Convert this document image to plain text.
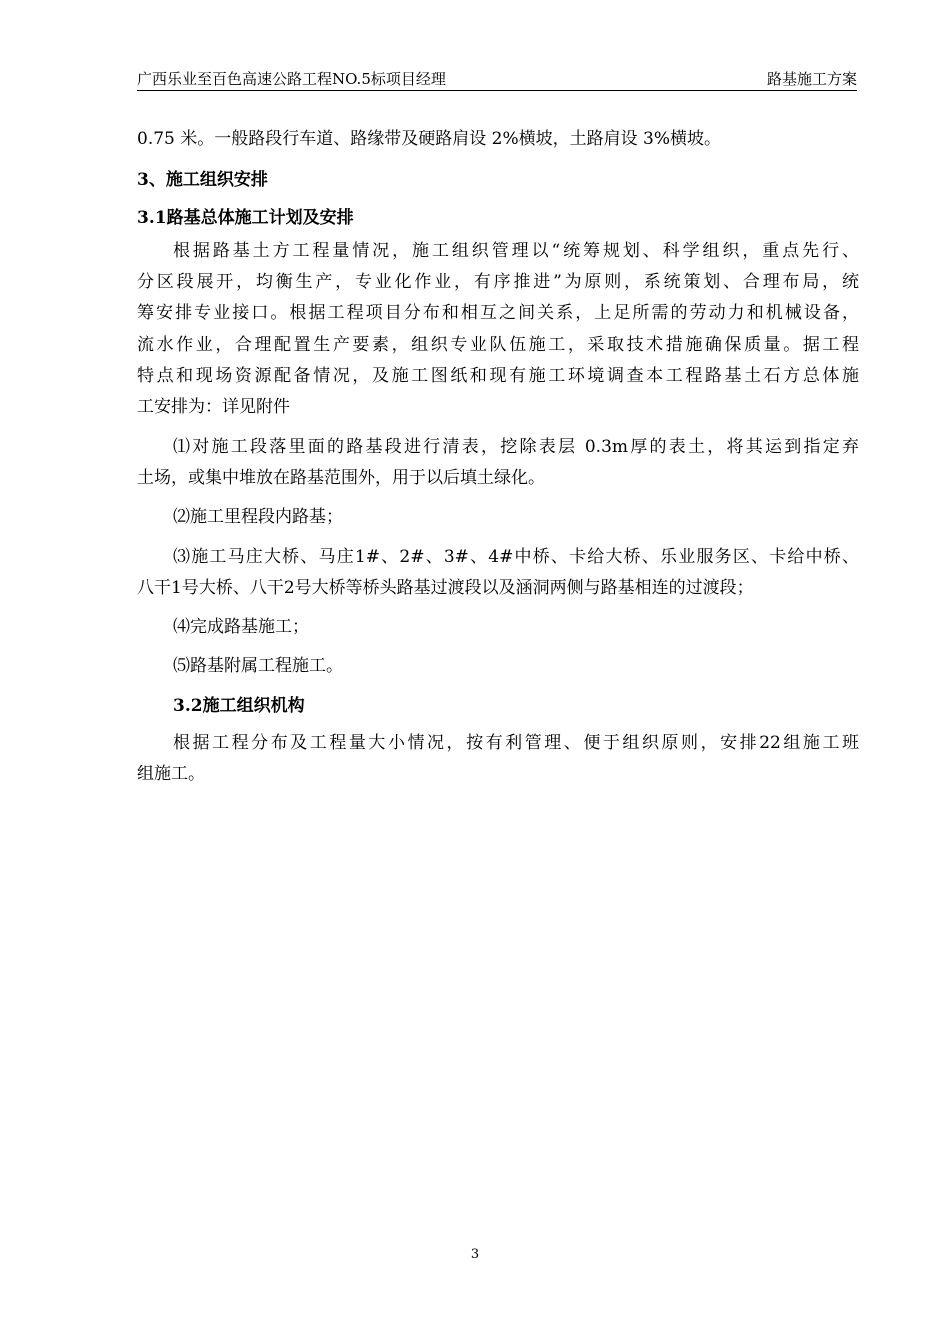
广西乐业至百色高速公路工程NO.5标项目经理	路基施工方案
0.75 米。一般路段行车道、路缘带及硬路肩设 2%横坡，土路肩设 3%横坡。
3、施工组织安排
3.1路基总体施工计划及安排
根据路基土方工程量情况，施工组织管理以“统筹规划、科学组织，重点先行、
分区段展开，均衡生产，专业化作业，有序推进”为原则，系统策划、合理布局，统
筹安排专业接口。根据工程项目分布和相互之间关系，上足所需的劳动力和机械设备，
流水作业，合理配置生产要素，组织专业队伍施工，采取技术措施确保质量。据工程
特点和现场资源配备情况，及施工图纸和现有施工环境调查本工程路基土石方总体施
工安排为：详见附件
⑴对施工段落里面的路基段进行清表，挖除表层 0.3m厚的表土，将其运到指定弃
土场，或集中堆放在路基范围外，用于以后填土绿化。
⑵施工里程段内路基；
⑶施工马庄大桥、马庄1#、2#、3#、4#中桥、卡给大桥、乐业服务区、卡给中桥、
八干1号大桥、八干2号大桥等桥头路基过渡段以及涵洞两侧与路基相连的过渡段；
⑷完成路基施工；
⑸路基附属工程施工。
3.2施工组织机构
根据工程分布及工程量大小情况，按有利管理、便于组织原则，安排22组施工班
组施工。
3
